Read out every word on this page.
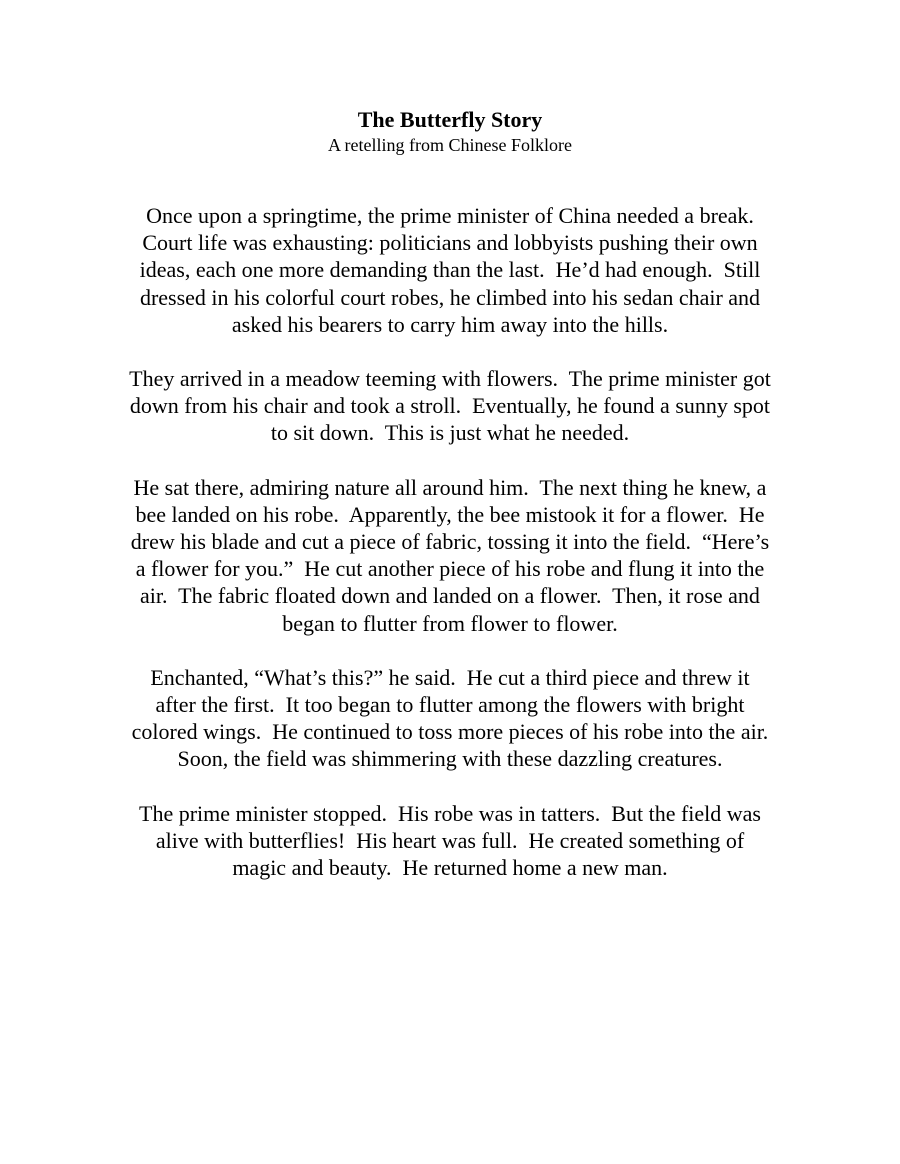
The Butterfly Story

A retelling from Chinese Folklore

Once upon a springtime, the prime minister of China needed a break.
Court life was exhausting: politicians and lobbyists pushing their own
ideas, each one more demanding than the last.  He’d had enough.  Still
dressed in his colorful court robes, he climbed into his sedan chair and
asked his bearers to carry him away into the hills.

They arrived in a meadow teeming with flowers.  The prime minister got
down from his chair and took a stroll.  Eventually, he found a sunny spot
to sit down.  This is just what he needed.

He sat there, admiring nature all around him.  The next thing he knew, a
bee landed on his robe.  Apparently, the bee mistook it for a flower.  He
drew his blade and cut a piece of fabric, tossing it into the field.  “Here’s
a flower for you.”  He cut another piece of his robe and flung it into the
air.  The fabric floated down and landed on a flower.  Then, it rose and
began to flutter from flower to flower.

Enchanted, “What’s this?” he said.  He cut a third piece and threw it
after the first.  It too began to flutter among the flowers with bright
colored wings.  He continued to toss more pieces of his robe into the air.
Soon, the field was shimmering with these dazzling creatures.

The prime minister stopped.  His robe was in tatters.  But the field was
alive with butterflies!  His heart was full.  He created something of
magic and beauty.  He returned home a new man.
